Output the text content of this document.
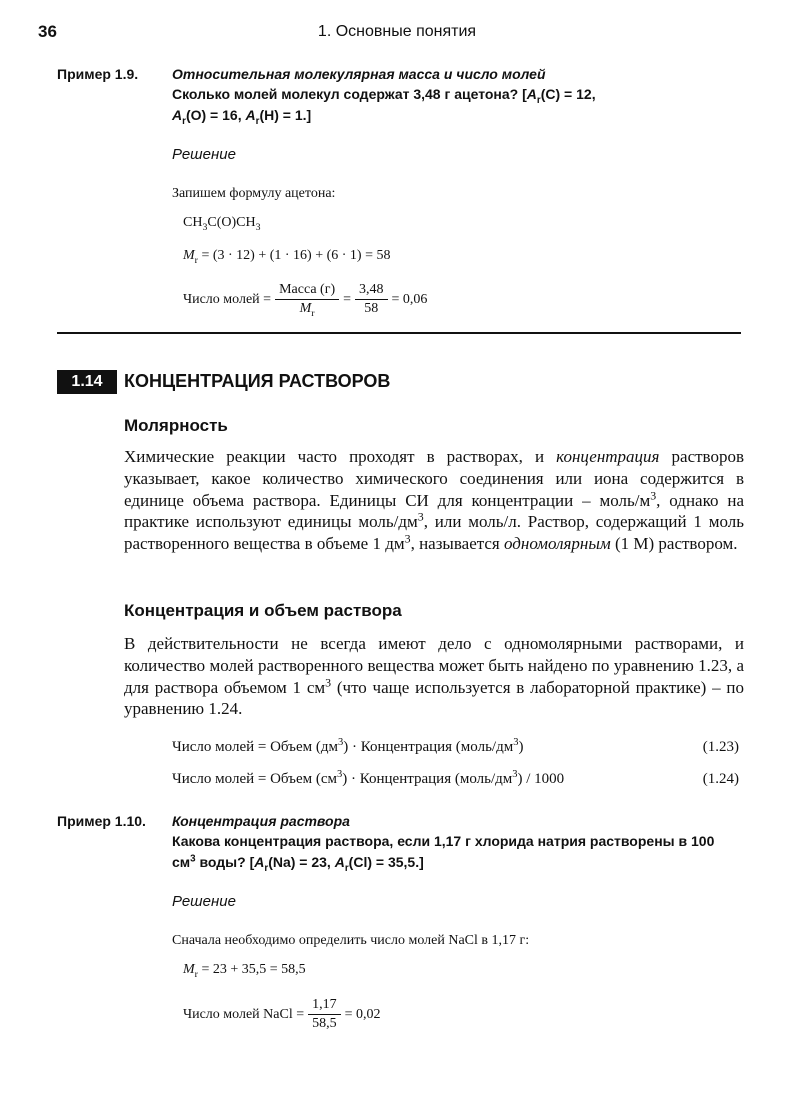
36	1. Основные понятия
Пример 1.9. Относительная молекулярная масса и число молей
Сколько молей молекул содержат 3,48 г ацетона? [$A_r(C) = 12$,
$A_r(O) = 16$, $A_r(H) = 1$.]
Решение
Запишем формулу ацетона:
$CH_3C(O)CH_3$
$M_r = (3 \cdot 12) + (1 \cdot 16) + (6 \cdot 1) = 58$
Число молей = $\frac{\text{Масса (г)}}{M_r} = \frac{3,48}{58} = 0,06$
1.14	КОНЦЕНТРАЦИЯ РАСТВОРОВ
Молярность
Химические реакции часто проходят в растворах, и концентрация растворов указывает, какое количество химического соединения или иона содержится в единице объема раствора. Единицы СИ для концентрации – моль/$м^3$, однако на практике используют единицы моль/$дм^3$, или моль/л. Раствор, содержащий 1 моль растворенного вещества в объеме 1 $дм^3$, называется одномолярным (1 M) раствором.
Концентрация и объем раствора
В действительности не всегда имеют дело с одномолярными растворами, и количество молей растворенного вещества может быть найдено по уравнению 1.23, а для раствора объемом 1 $см^3$ (что чаще используется в лабораторной практике) – по уравнению 1.24.
Число молей = Объем $(дм^3)$ · Концентрация $(моль/дм^3)$	(1.23)
Число молей = Объем $(см^3)$ · Концентрация $(моль/дм^3) / 1000$	(1.24)
Пример 1.10. Концентрация раствора
Какова концентрация раствора, если 1,17 г хлорида натрия растворены в 100 $см^3$ воды? [$A_r(Na) = 23$, $A_r(Cl) = 35,5$.]
Решение
Сначала необходимо определить число молей NaCl в 1,17 г:
$M_r = 23 + 35,5 = 58,5$
Число молей NaCl = $\frac{1,17}{58,5} = 0,02$
